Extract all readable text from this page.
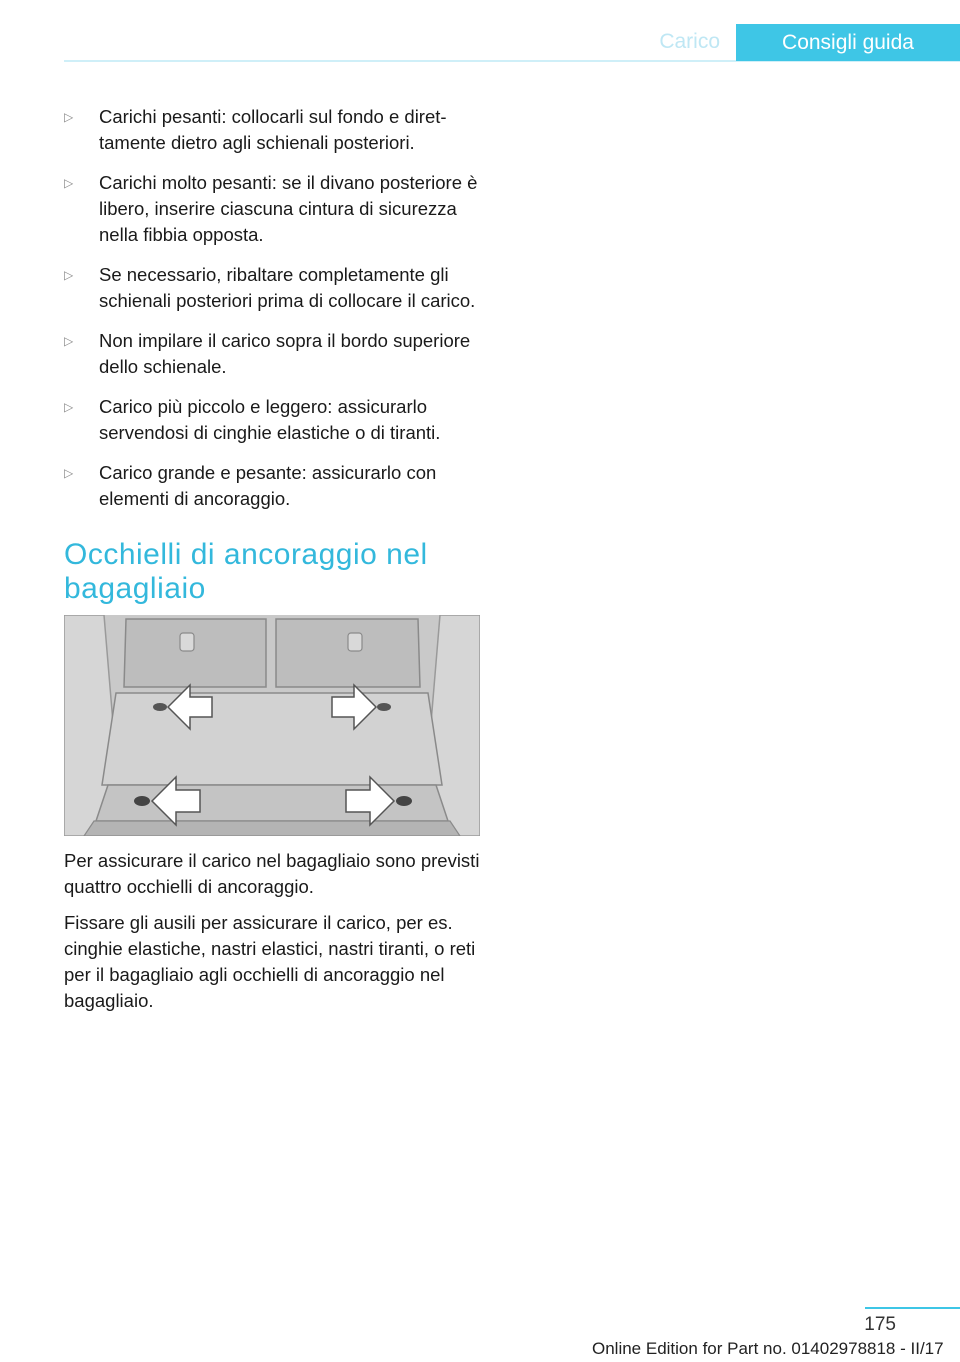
Carico	Consigli guida
▷	Carichi pesanti: collocarli sul fondo e direttamente dietro agli schienali posteriori.
▷	Carichi molto pesanti: se il divano posteriore è libero, inserire ciascuna cintura di sicurezza nella fibbia opposta.
▷	Se necessario, ribaltare completamente gli schienali posteriori prima di collocare il carico.
▷	Non impilare il carico sopra il bordo superiore dello schienale.
▷	Carico più piccolo e leggero: assicurarlo servendosi di cinghie elastiche o di tiranti.
▷	Carico grande e pesante: assicurarlo con elementi di ancoraggio.
Occhielli di ancoraggio nel bagagliaio

Per assicurare il carico nel bagagliaio sono previsti quattro occhielli di ancoraggio.

Fissare gli ausili per assicurare il carico, per es. cinghie elastiche, nastri elastici, nastri tiranti, o reti per il bagagliaio agli occhielli di ancoraggio nel bagagliaio.

175
Online Edition for Part no. 01402978818 - II/17
